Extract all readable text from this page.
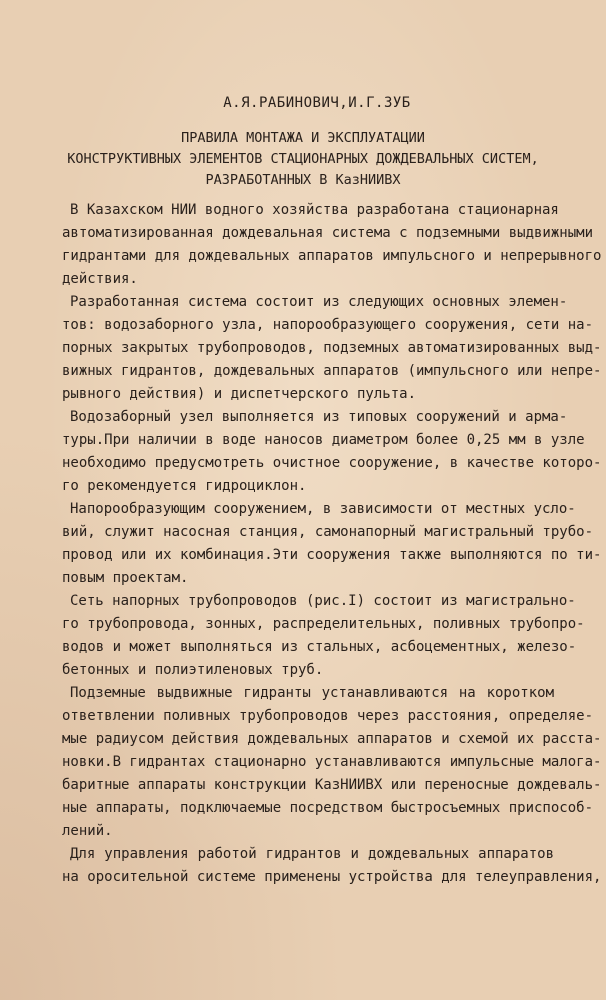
А.Я.РАБИНОВИЧ,И.Г.ЗУБ
ПРАВИЛА МОНТАЖА И ЭКСПЛУАТАЦИИ
КОНСТРУКТИВНЫХ ЭЛЕМЕНТОВ СТАЦИОНАРНЫХ ДОЖДЕВАЛЬНЫХ СИСТЕМ,
РАЗРАБОТАННЫХ В КазНИИВХ
В Казахском НИИ водного хозяйства разработана стационарная
автоматизированная дождевальная система с подземными выдвижными
гидрантами для дождевальных аппаратов импульсного и непрерывного
действия.
Разработанная система состоит из следующих основных элемен-
тов: водозаборного узла, напорообразующего сооружения, сети на-
порных закрытых трубопроводов, подземных автоматизированных выд-
вижных гидрантов, дождевальных аппаратов (импульсного или непре-
рывного действия) и диспетчерского пульта.
Водозаборный узел выполняется из типовых сооружений и арма-
туры.При наличии в воде наносов диаметром более 0,25 мм в узле
необходимо предусмотреть очистное сооружение, в качестве которо-
го рекомендуется гидроциклон.
Напорообразующим сооружением, в зависимости от местных усло-
вий, служит насосная станция, самонапорный магистральный трубо-
провод или их комбинация.Эти сооружения также выполняются по ти-
повым проектам.
Сеть напорных трубопроводов (рис.I) состоит из магистрально-
го трубопровода, зонных, распределительных, поливных трубопро-
водов и может выполняться из стальных, асбоцементных, железо-
бетонных и полиэтиленовых труб.
Подземные выдвижные гидранты устанавливаются на коротком
ответвлении поливных трубопроводов через расстояния, определяе-
мые радиусом действия дождевальных аппаратов и схемой их расста-
новки.В гидрантах стационарно устанавливаются импульсные малога-
баритные аппараты конструкции КазНИИВХ или переносные дождеваль-
ные аппараты, подключаемые посредством быстросъемных приспособ-
лений.
Для управления работой гидрантов и дождевальных аппаратов
на оросительной системе применены устройства для телеуправления,
